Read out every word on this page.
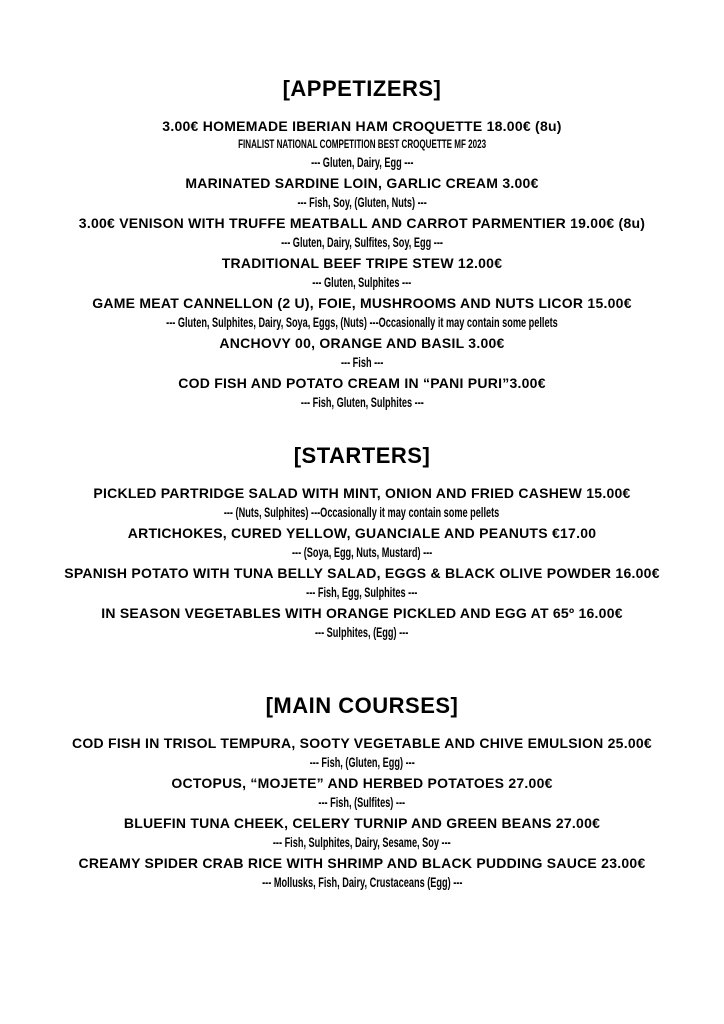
[APPETIZERS]
3.00€ HOMEMADE IBERIAN HAM CROQUETTE 18.00€ (8u)
FINALIST NATIONAL COMPETITION BEST CROQUETTE MF 2023
--- Gluten, Dairy, Egg ---
MARINATED SARDINE LOIN, GARLIC CREAM 3.00€
--- Fish, Soy, (Gluten, Nuts) ---
3.00€ VENISON WITH TRUFFE MEATBALL AND CARROT PARMENTIER 19.00€ (8u)
--- Gluten, Dairy, Sulfites, Soy, Egg ---
TRADITIONAL BEEF TRIPE STEW 12.00€
--- Gluten, Sulphites ---
GAME MEAT CANNELLON (2 U), FOIE, MUSHROOMS AND NUTS LICOR 15.00€
--- Gluten, Sulphites, Dairy, Soya, Eggs, (Nuts) ---Occasionally it may contain some pellets
ANCHOVY 00, ORANGE AND BASIL 3.00€
--- Fish ---
COD FISH AND POTATO CREAM IN “PANI PURI”3.00€
--- Fish, Gluten, Sulphites ---
[STARTERS]
PICKLED PARTRIDGE SALAD WITH MINT, ONION AND FRIED CASHEW 15.00€
--- (Nuts, Sulphites) ---Occasionally it may contain some pellets
ARTICHOKES, CURED YELLOW, GUANCIALE AND PEANUTS €17.00
--- (Soya, Egg, Nuts, Mustard) ---
SPANISH POTATO WITH TUNA BELLY SALAD, EGGS & BLACK OLIVE POWDER 16.00€
--- Fish, Egg, Sulphites ---
IN SEASON VEGETABLES WITH ORANGE PICKLED AND EGG AT 65º 16.00€
--- Sulphites, (Egg) ---
[MAIN COURSES]
COD FISH IN TRISOL TEMPURA, SOOTY VEGETABLE AND CHIVE EMULSION 25.00€
--- Fish, (Gluten, Egg) ---
OCTOPUS, “MOJETE” AND HERBED POTATOES 27.00€
--- Fish, (Sulfites) ---
BLUEFIN TUNA CHEEK, CELERY TURNIP AND GREEN BEANS 27.00€
--- Fish, Sulphites, Dairy, Sesame, Soy ---
CREAMY SPIDER CRAB RICE WITH SHRIMP AND BLACK PUDDING SAUCE 23.00€
--- Mollusks, Fish, Dairy, Crustaceans (Egg) ---
